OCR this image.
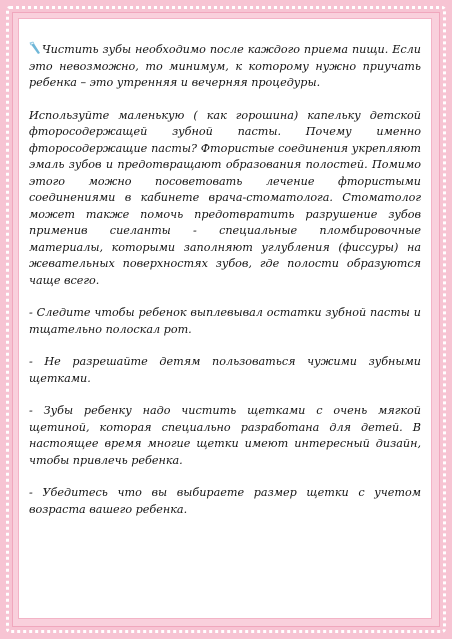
Чистить зубы необходимо после каждого приема пищи. Если это невозможно, то минимум, к которому нужно приучать ребенка – это утренняя и вечерняя процедуры.

Используйте маленькую ( как горошина) капельку детской фторосодержащей зубной пасты. Почему именно фторосодержащие пасты? Фтористые соединения укрепляют эмаль зубов и предотвращают образования полостей. Помимо этого можно посоветовать лечение фтористыми соединениями в кабинете врача-стоматолога. Стоматолог может также помочь предотвратить разрушение зубов применив сиеланты - специальные пломбировочные материалы, которыми заполняют углубления (фиссуры) на жевательных поверхностях зубов, где полости образуются чаще всего.

- Следите чтобы ребенок выплевывал остатки зубной пасты и тщательно полоскал рот.

- Не разрешайте детям пользоваться чужими зубными щетками.

- Зубы ребенку надо чистить щетками с очень мягкой щетиной, которая специально разработана для детей. В настоящее время многие щетки имеют интересный дизайн, чтобы привлечь ребенка.

- Убедитесь что вы выбираете размер щетки с учетом возраста вашего ребенка.
